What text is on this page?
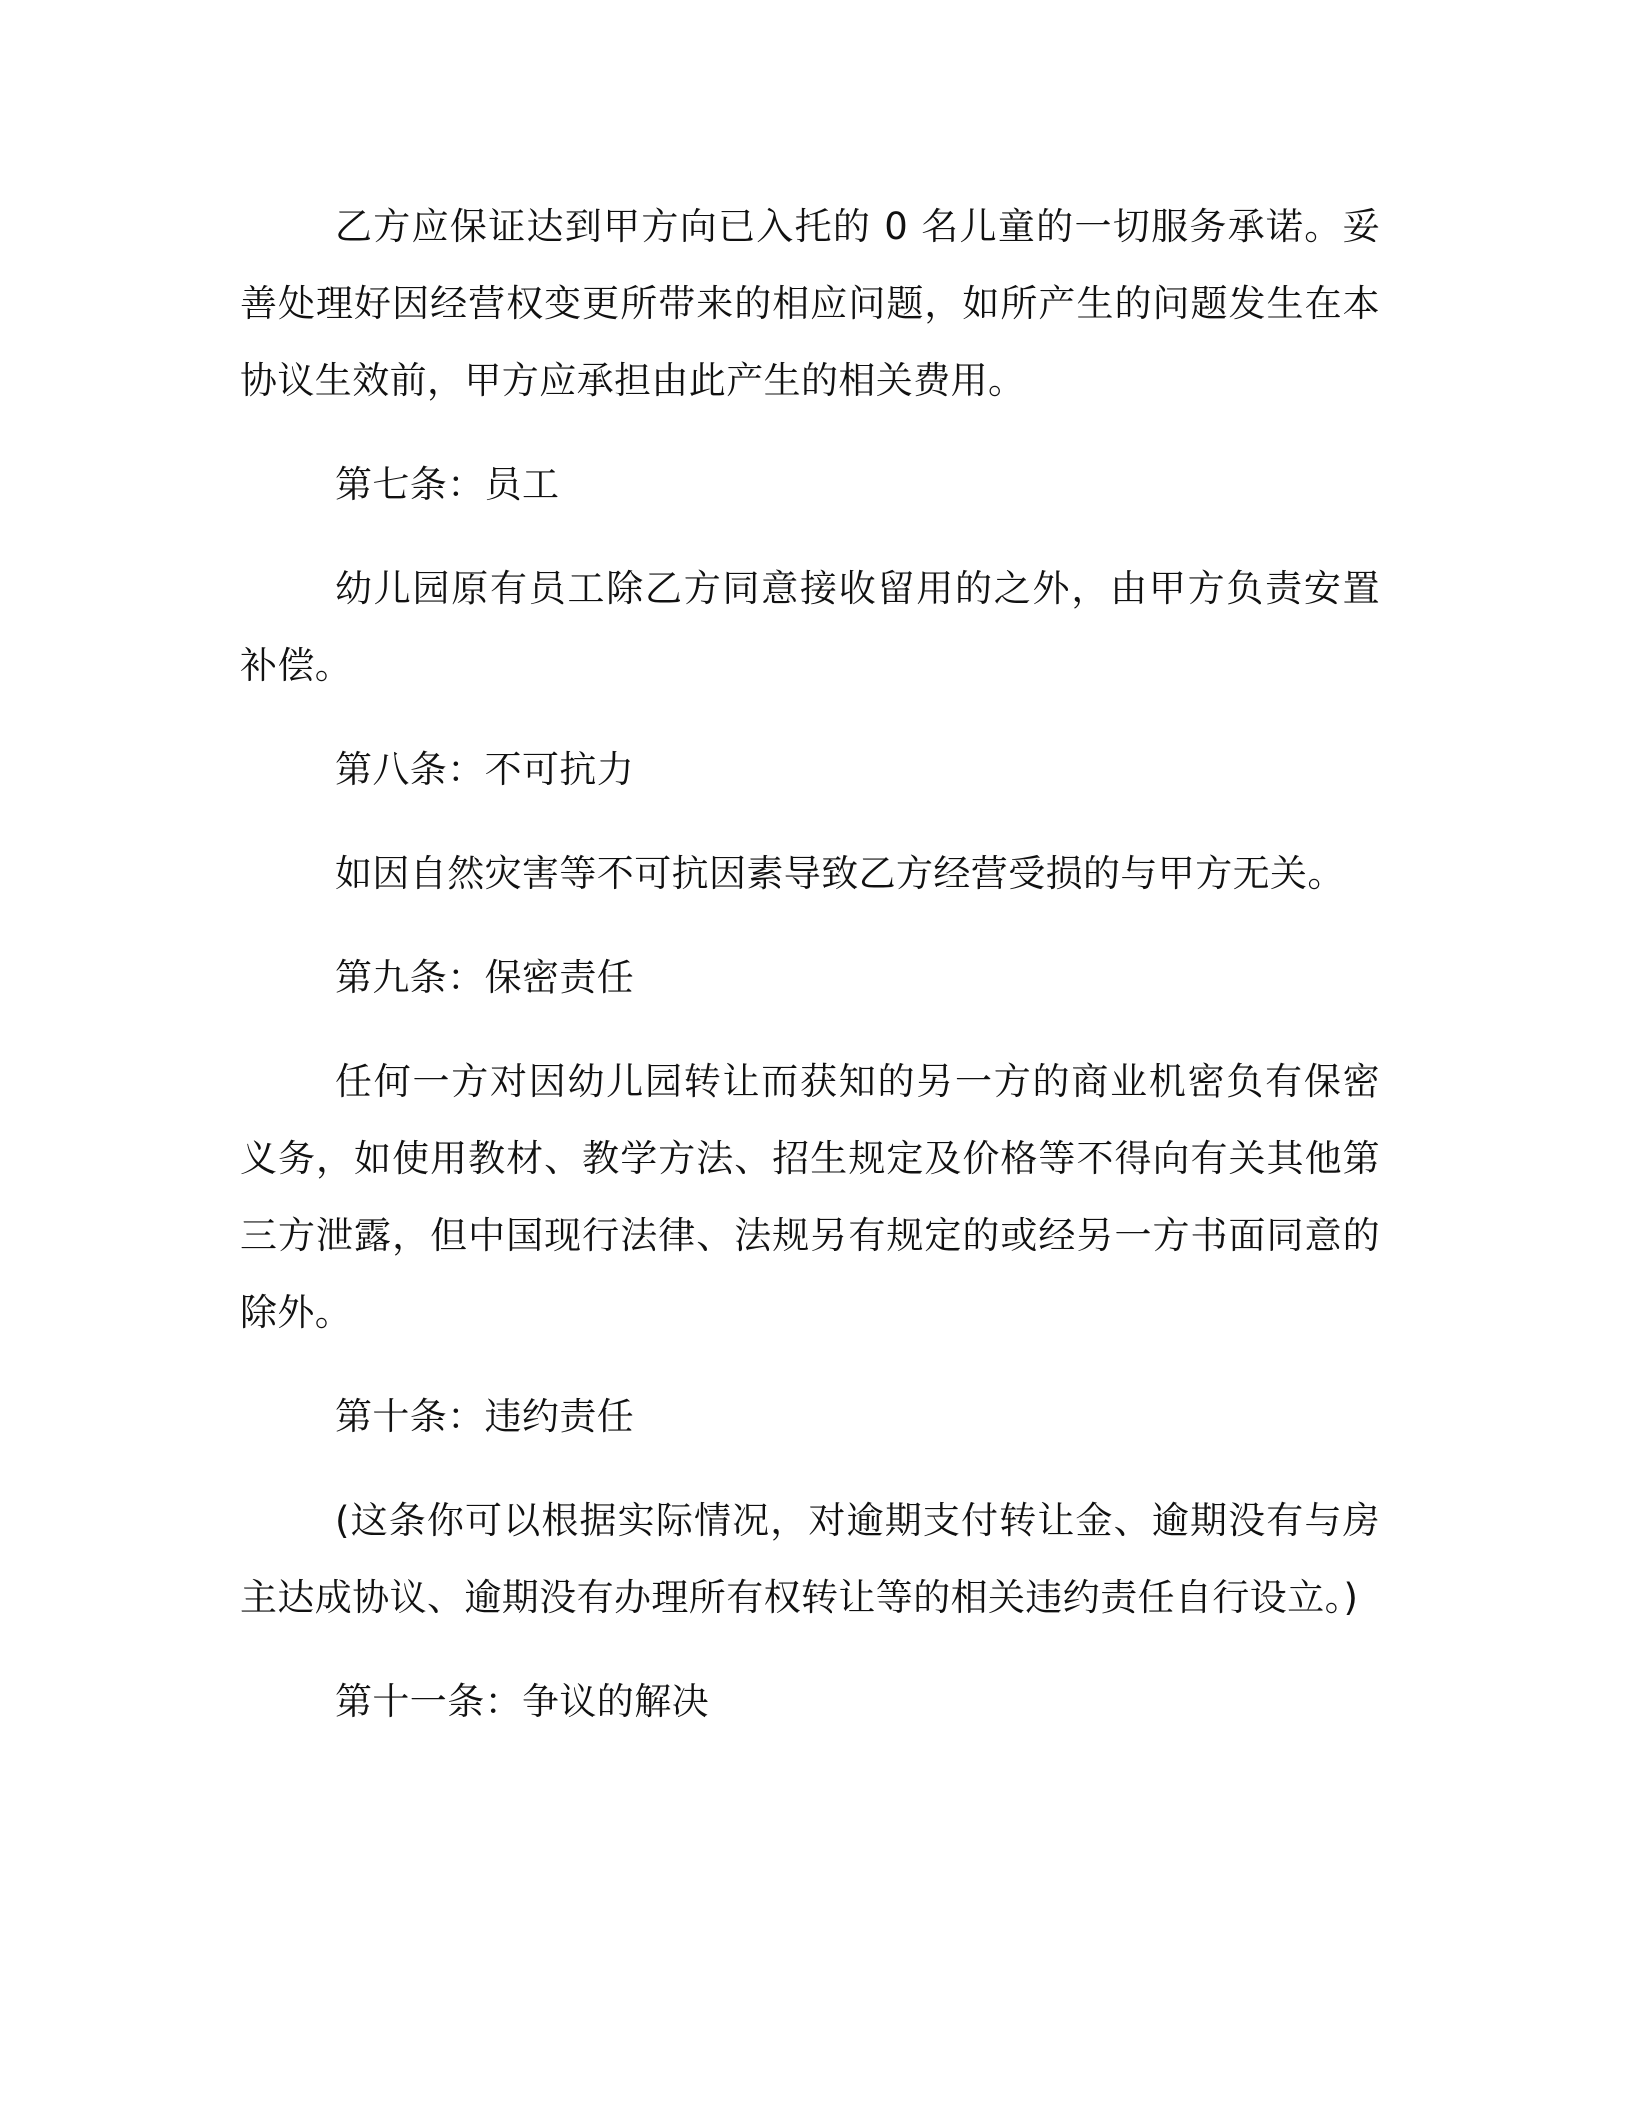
乙方应保证达到甲方向已入托的 0 名儿童的一切服务承诺。妥善处理好因经营权变更所带来的相应问题，如所产生的问题发生在本协议生效前，甲方应承担由此产生的相关费用。

第七条：员工

幼儿园原有员工除乙方同意接收留用的之外，由甲方负责安置补偿。

第八条：不可抗力

如因自然灾害等不可抗因素导致乙方经营受损的与甲方无关。

第九条：保密责任

任何一方对因幼儿园转让而获知的另一方的商业机密负有保密义务，如使用教材、教学方法、招生规定及价格等不得向有关其他第三方泄露，但中国现行法律、法规另有规定的或经另一方书面同意的除外。

第十条：违约责任

(这条你可以根据实际情况，对逾期支付转让金、逾期没有与房主达成协议、逾期没有办理所有权转让等的相关违约责任自行设立。)

第十一条：争议的解决
